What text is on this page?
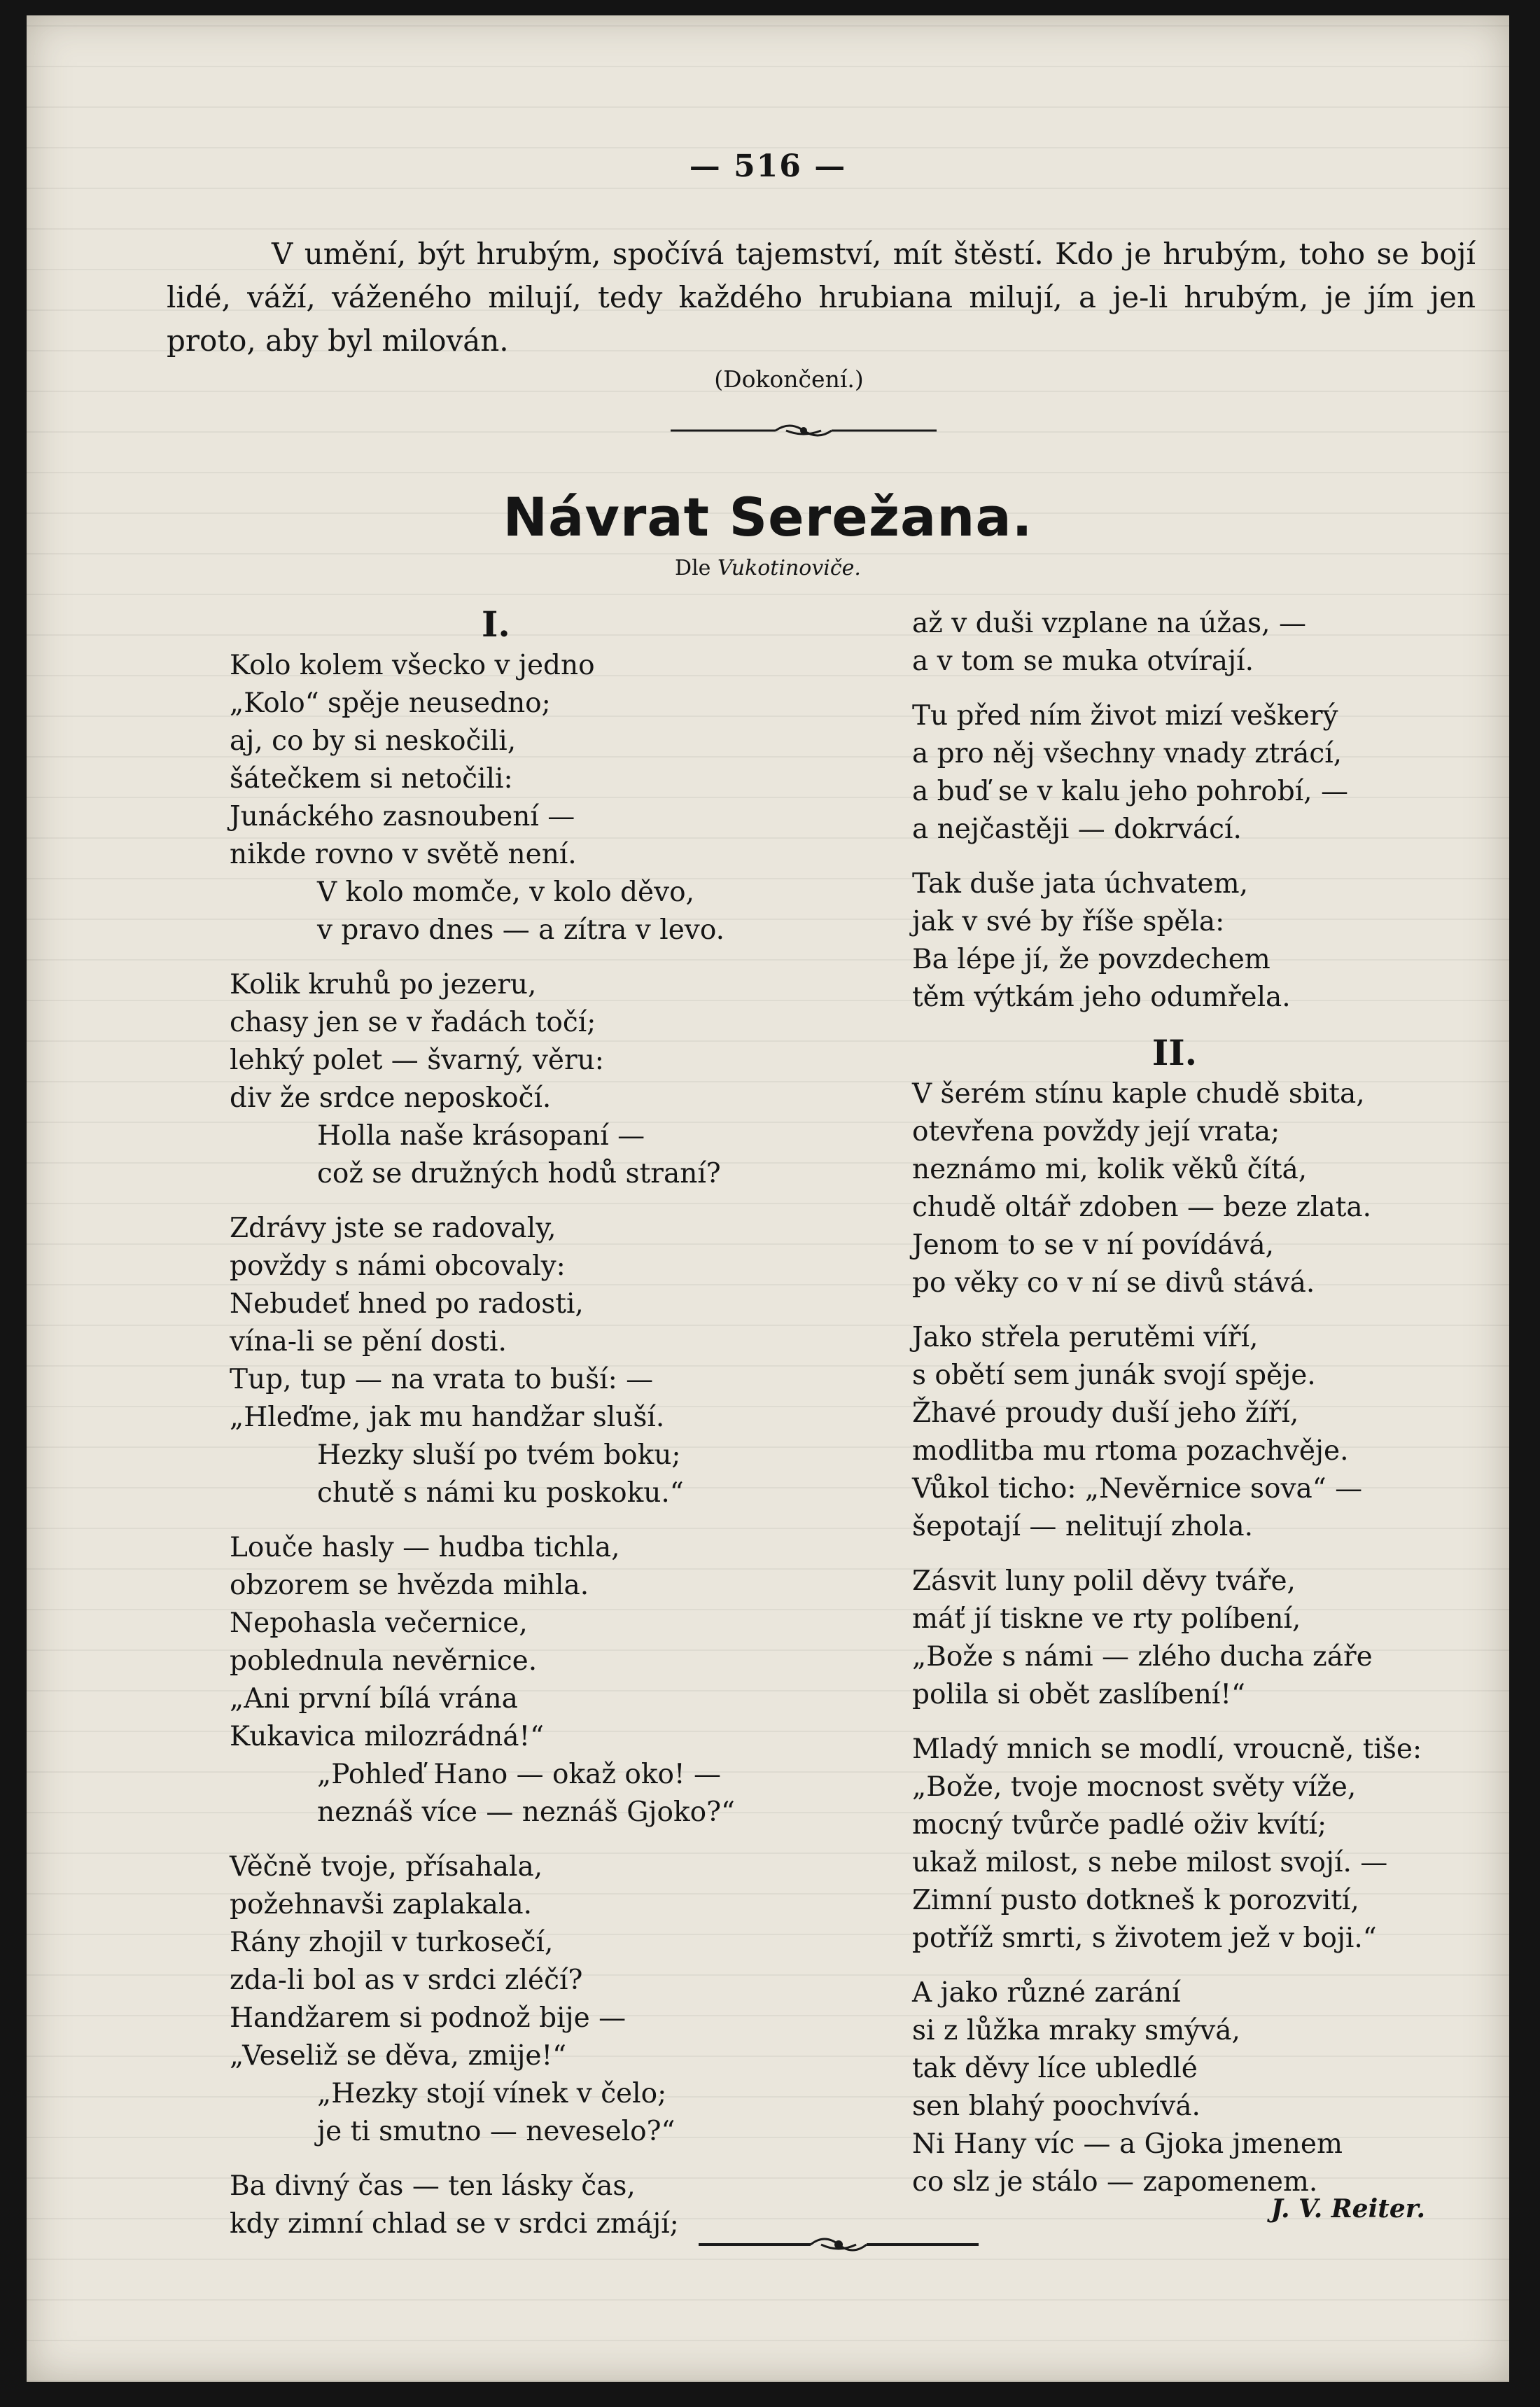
— 516 —

V umění, být hrubým, spočívá tajemství, mít štěstí. Kdo je hrubým, toho se bojí lidé, váží, váženého milují, tedy každého hrubiana milují, a je-li hrubým, je jím jen proto, aby byl milován.

(Dokončení.)
Návrat Serežana.
Dle Vukotinoviče.
I.
Kolo kolem všecko v jedno
„Kolo“ spěje neusedno;
aj, co by si neskočili,
šátečkem si netočili:
Junáckého zasnoubení —
nikde rovno v světě není.
V kolo momče, v kolo děvo,
v pravo dnes — a zítra v levo.
Kolik kruhů po jezeru,
chasy jen se v řadách točí;
lehký polet — švarný, věru:
div že srdce neposkočí.
Holla naše krásopaní —
což se družných hodů straní?
Zdrávy jste se radovaly,
povždy s námi obcovaly:
Nebudeť hned po radosti,
vína-li se pění dosti.
Tup, tup — na vrata to buší: —
„Hleďme, jak mu handžar sluší.
Hezky sluší po tvém boku;
chutě s námi ku poskoku.“
Louče hasly — hudba tichla,
obzorem se hvězda mihla.
Nepohasla večernice,
poblednula nevěrnice.
„Ani první bílá vrána
Kukavica milozrádná!“
„Pohleď Hano — okaž oko! —
neznáš více — neznáš Gjoko?“
Věčně tvoje, přísahala,
požehnavši zaplakala.
Rány zhojil v turkosečí,
zda-li bol as v srdci zléčí?
Handžarem si podnož bije —
„Veseliž se děva, zmije!“
„Hezky stojí vínek v čelo;
je ti smutno — neveselo?“
Ba divný čas — ten lásky čas,
kdy zimní chlad se v srdci zmájí;
až v duši vzplane na úžas, —
a v tom se muka otvírají.
Tu před ním život mizí veškerý
a pro něj všechny vnady ztrácí,
a buď se v kalu jeho pohrobí, —
a nejčastěji — dokrvácí.
Tak duše jata úchvatem,
jak v své by říše spěla:
Ba lépe jí, že povzdechem
těm výtkám jeho odumřela.
II.
V šerém stínu kaple chudě sbita,
otevřena povždy její vrata;
neznámo mi, kolik věků čítá,
chudě oltář zdoben — beze zlata.
Jenom to se v ní povídává,
po věky co v ní se divů stává.
Jako střela perutěmi víří,
s obětí sem junák svojí spěje.
Žhavé proudy duší jeho žíří,
modlitba mu rtoma pozachvěje.
Vůkol ticho: „Nevěrnice sova“ —
šepotají — nelitují zhola.
Zásvit luny polil děvy tváře,
máť jí tiskne ve rty políbení,
„Bože s námi — zlého ducha záře
polila si obět zaslíbení!“
Mladý mnich se modlí, vroucně, tiše:
„Bože, tvoje mocnost světy víže,
mocný tvůrče padlé oživ kvítí;
ukaž milost, s nebe milost svojí. —
Zimní pusto dotkneš k porozvití,
potříž smrti, s životem jež v boji.“
A jako různé zarání
si z lůžka mraky smývá,
tak děvy líce ubledlé
sen blahý poochvívá.
Ni Hany víc — a Gjoka jmenem
co slz je stálo — zapomenem.
J. V. Reiter.
